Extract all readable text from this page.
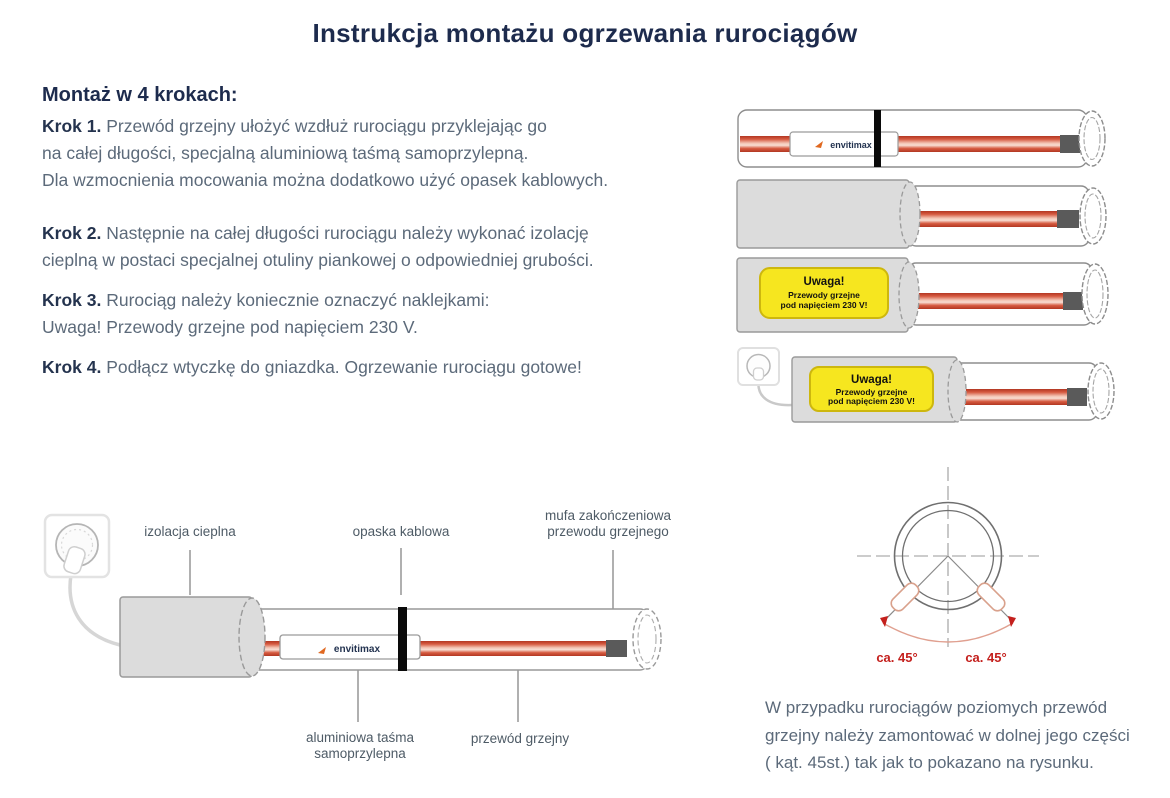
Instrukcja montażu ogrzewania rurociągów
Montaż w 4 krokach:
Krok 1. Przewód grzejny ułożyć wzdłuż rurociągu przyklejając go
na całej długości, specjalną aluminiową taśmą samoprzylepną.
Dla wzmocnienia mocowania można dodatkowo użyć opasek kablowych.
Krok 2. Następnie na całej długości rurociągu należy wykonać izolację
cieplną w postaci specjalnej otuliny piankowej o odpowiedniej grubości.
Krok 3. Rurociąg należy koniecznie oznaczyć naklejkami:
Uwaga! Przewody grzejne pod napięciem 230 V.
Krok 4. Podłącz wtyczkę do gniazdka. Ogrzewanie rurociągu gotowe!
envitimax
Uwaga!
Przewody grzejne
pod napięciem 230 V!
Uwaga!
Przewody grzejne
pod napięciem 230 V!
envitimax
izolacja cieplna	opaska kablowa
mufa zakończeniowa
przewodu grzejnego
aluminiowa taśma
samoprzylepna
przewód grzejny
ca. 45°	ca. 45°
W przypadku rurociągów poziomych przewód
grzejny należy zamontować w dolnej jego części
( kąt. 45st.) tak jak to pokazano na rysunku.
